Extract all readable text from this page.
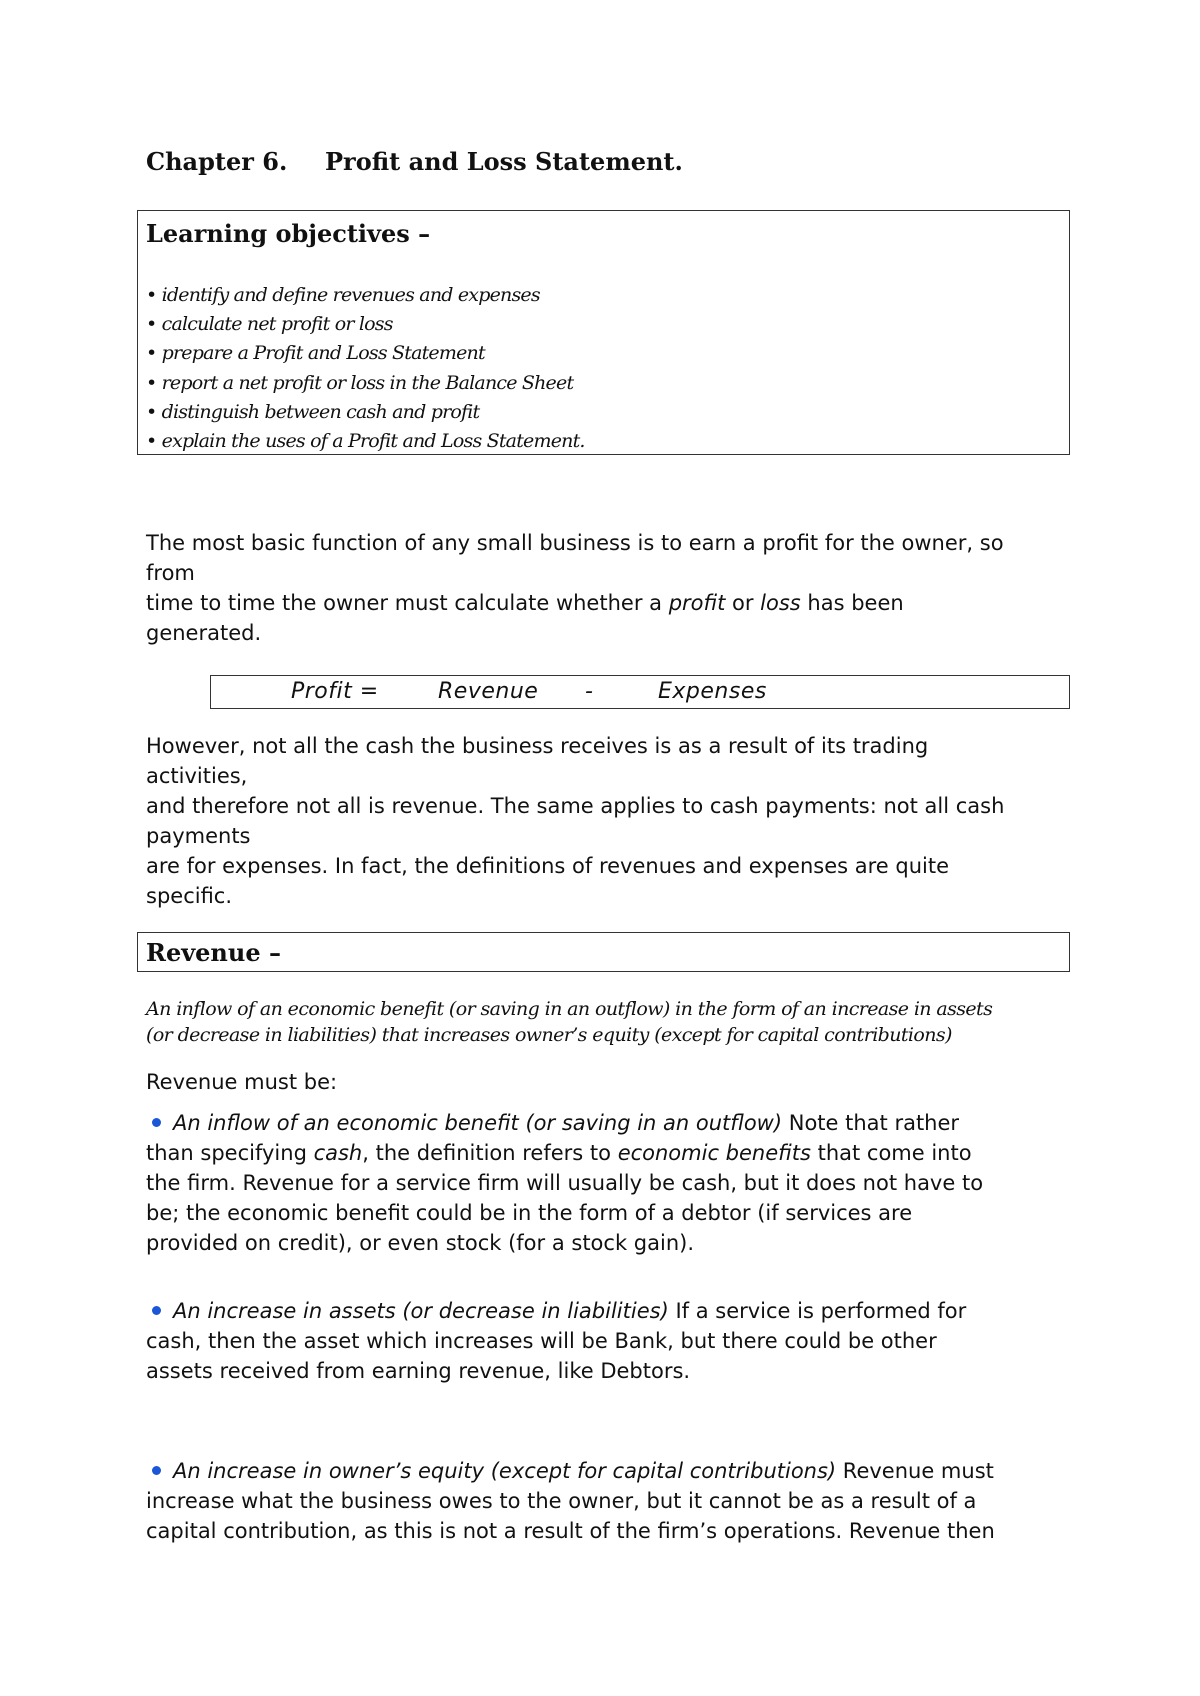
Chapter 6. Profit and Loss Statement.
Learning objectives –
• identify and define revenues and expenses
• calculate net profit or loss
• prepare a Profit and Loss Statement
• report a net profit or loss in the Balance Sheet
• distinguish between cash and profit
• explain the uses of a Profit and Loss Statement.

The most basic function of any small business is to earn a profit for the owner, so
from
time to time the owner must calculate whether a profit or loss has been
generated.

Profit =	Revenue -	Expenses

However, not all the cash the business receives is as a result of its trading
activities,
and therefore not all is revenue. The same applies to cash payments: not all cash
payments
are for expenses. In fact, the definitions of revenues and expenses are quite
specific.

Revenue –

An inflow of an economic benefit (or saving in an outflow) in the form of an increase in assets
(or decrease in liabilities) that increases owner’s equity (except for capital contributions)

Revenue must be:

An inflow of an economic benefit (or saving in an outflow) Note that rather
than specifying cash, the definition refers to economic benefits that come into
the firm. Revenue for a service firm will usually be cash, but it does not have to
be; the economic benefit could be in the form of a debtor (if services are
provided on credit), or even stock (for a stock gain).

An increase in assets (or decrease in liabilities) If a service is performed for
cash, then the asset which increases will be Bank, but there could be other
assets received from earning revenue, like Debtors.

An increase in owner’s equity (except for capital contributions) Revenue must
increase what the business owes to the owner, but it cannot be as a result of a
capital contribution, as this is not a result of the firm’s operations. Revenue then
